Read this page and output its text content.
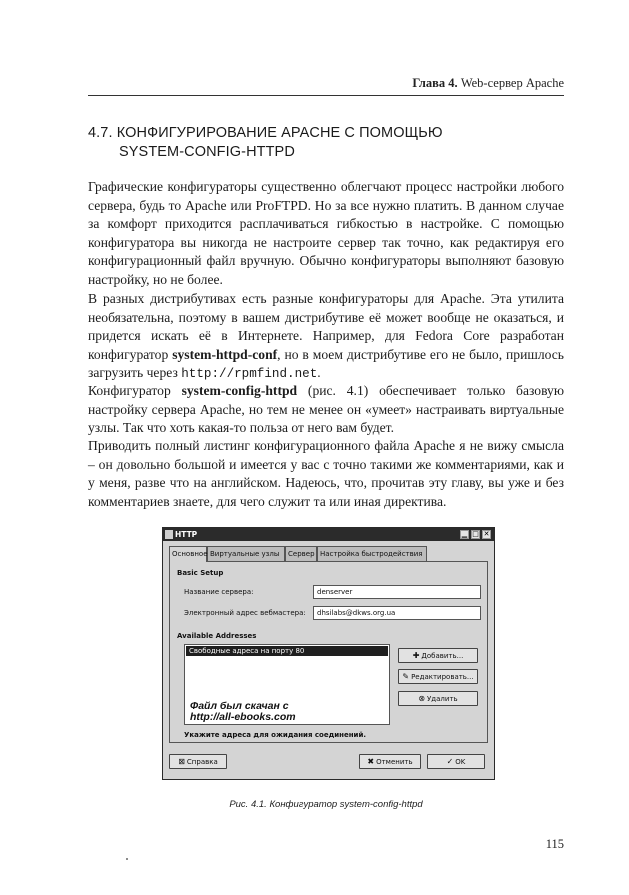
Глава 4. Web-сервер Apache
4.7. КОНФИГУРИРОВАНИЕ APACHE С ПОМОЩЬЮ
SYSTEM-CONFIG-HTTPD
Графические конфигураторы существенно облегчают процесс настройки любого сервера, будь то Apache или ProFTPD. Но за все нужно платить. В данном случае за комфорт приходится расплачиваться гибкостью в настройке. С помощью конфигуратора вы никогда не настроите сервер так точно, как редактируя его конфигурационный файл вручную. Обычно конфигураторы выполняют базовую настройку, но не более.
В разных дистрибутивах есть разные конфигураторы для Apache. Эта утилита необязательна, поэтому в вашем дистрибутиве её может вообще не оказаться, и придется искать её в Интернете. Например, для Fedora Core разработан конфигуратор system-httpd-conf, но в моем дистрибутиве его не было, пришлось загрузить через http://rpmfind.net.
Конфигуратор system-config-httpd (рис. 4.1) обеспечивает только базовую настройку сервера Apache, но тем не менее он «умеет» настраивать виртуальные узлы. Так что хоть какая-то польза от него вам будет.
Приводить полный листинг конфигурационного файла Apache я не вижу смысла – он довольно большой и имеется у вас с точно такими же комментариями, как и у меня, разве что на английском. Надеюсь, что, прочитав эту главу, вы уже и без комментариев знаете, для чего служит та или иная директива.
HTTP	▁ □ ✕
Основное Виртуальные узлы	Сервер Настройка быстродействия
Basic Setup
Название сервера:	denserver
Электронный адрес вебмастера:	dhsilabs@dkws.org.ua
Available Addresses
Свободные адреса на порту 80	✚ Добавить...
✎ Редактировать...
⊗ Удалить
Укажите адреса для ожидания соединений.
Файл был скачан с
http://all-ebooks.com
⊠ Справка	✖ Отменить	✓ OK
Рис. 4.1. Конфигуратор system-config-httpd
115
